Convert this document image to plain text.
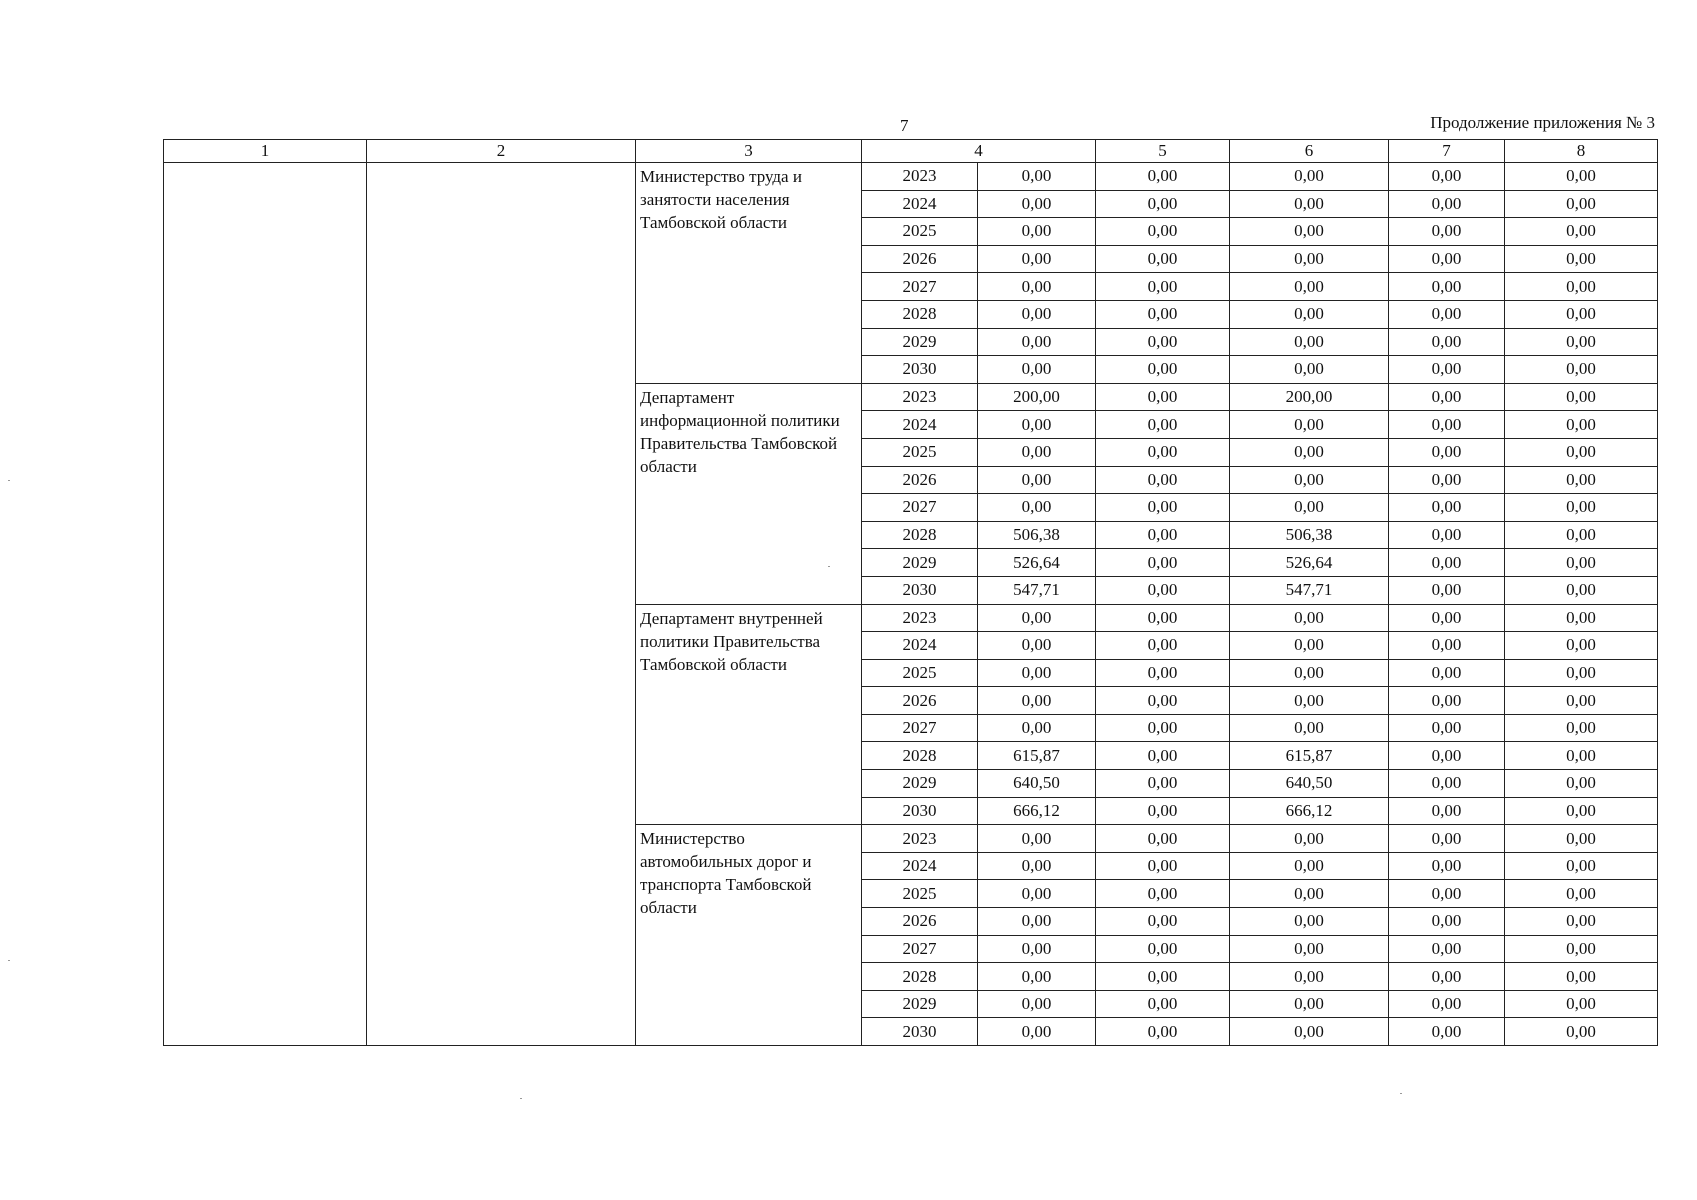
7	Продолжение приложения № 3
1	2	3	4		5	6	7	8
		Министерство труда и занятости населения Тамбовской области	2023	0,00	0,00	0,00	0,00	0,00
			2024	0,00	0,00	0,00	0,00	0,00
			2025	0,00	0,00	0,00	0,00	0,00
			2026	0,00	0,00	0,00	0,00	0,00
			2027	0,00	0,00	0,00	0,00	0,00
			2028	0,00	0,00	0,00	0,00	0,00
			2029	0,00	0,00	0,00	0,00	0,00
			2030	0,00	0,00	0,00	0,00	0,00
		Департамент информационной политики Правительства Тамбовской области	2023	200,00	0,00	200,00	0,00	0,00
			2024	0,00	0,00	0,00	0,00	0,00
			2025	0,00	0,00	0,00	0,00	0,00
			2026	0,00	0,00	0,00	0,00	0,00
			2027	0,00	0,00	0,00	0,00	0,00
			2028	506,38	0,00	506,38	0,00	0,00
			2029	526,64	0,00	526,64	0,00	0,00
			2030	547,71	0,00	547,71	0,00	0,00
		Департамент внутренней политики Правительства Тамбовской области	2023	0,00	0,00	0,00	0,00	0,00
			2024	0,00	0,00	0,00	0,00	0,00
			2025	0,00	0,00	0,00	0,00	0,00
			2026	0,00	0,00	0,00	0,00	0,00
			2027	0,00	0,00	0,00	0,00	0,00
			2028	615,87	0,00	615,87	0,00	0,00
			2029	640,50	0,00	640,50	0,00	0,00
			2030	666,12	0,00	666,12	0,00	0,00
		Министерство автомобильных дорог и транспорта Тамбовской области	2023	0,00	0,00	0,00	0,00	0,00
			2024	0,00	0,00	0,00	0,00	0,00
			2025	0,00	0,00	0,00	0,00	0,00
			2026	0,00	0,00	0,00	0,00	0,00
			2027	0,00	0,00	0,00	0,00	0,00
			2028	0,00	0,00	0,00	0,00	0,00
			2029	0,00	0,00	0,00	0,00	0,00
			2030	0,00	0,00	0,00	0,00	0,00
